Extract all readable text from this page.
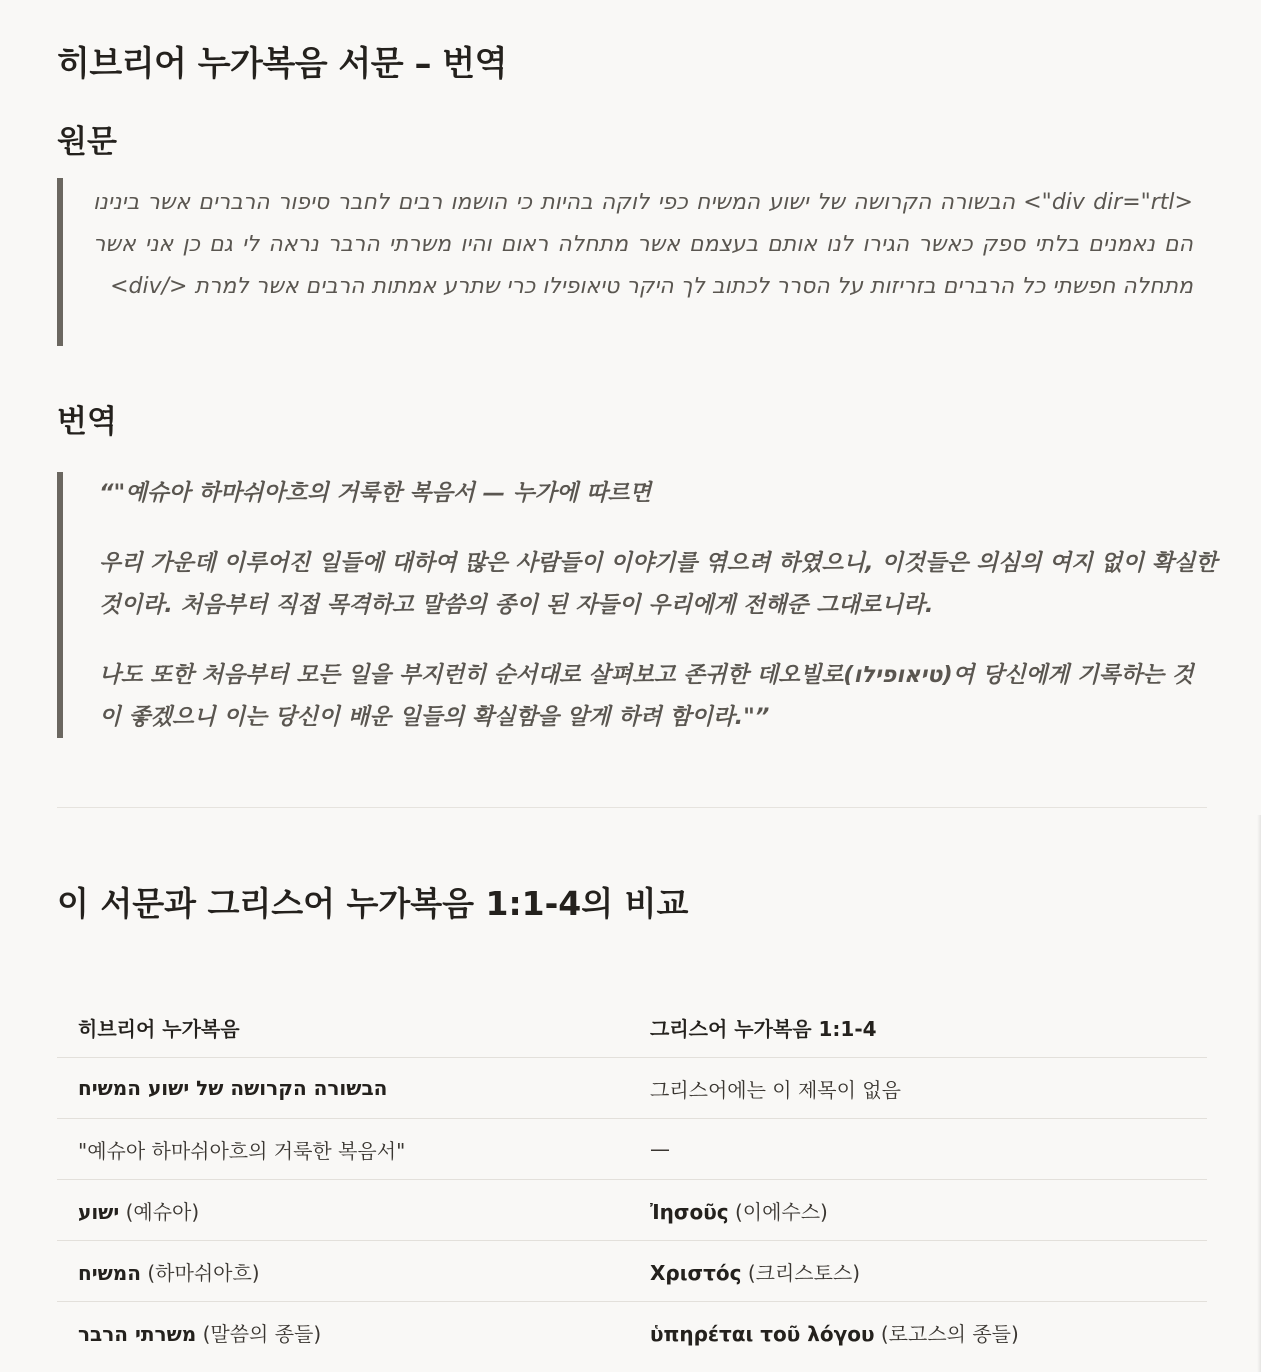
히브리어 누가복음 서문 – 번역
원문
<div dir="rtl"> הבשורה הקרושה של ישוע המשיח כפי לוקה בהיות כי הושמו רבים לחבר סיפור הרברים אשר בינינו הם נאמנים בלתי ספק כאשר הגירו לנו אותם בעצמם אשר מתחלה ראום והיו משרתי הרבר נראה לי גם כן אני אשר מתחלה חפשתי כל הרברים בזריזות על הסרר לכתוב לך היקר טיאופילו כרי שתרע אמתות הרבים אשר למרת </div>
번역

“"예슈아 하마쉬아흐의 거룩한 복음서 — 누가에 따르면

우리 가운데 이루어진 일들에 대하여 많은 사람들이 이야기를 엮으려 하였으니, 이것들은 의심의 여지 없이 확실한 것이라. 처음부터 직접 목격하고 말씀의 종이 된 자들이 우리에게 전해준 그대로니라.

나도 또한 처음부터 모든 일을 부지런히 순서대로 살펴보고 존귀한 데오빌로(טיאופילו)여 당신에게 기록하는 것이 좋겠으니 이는 당신이 배운 일들의 확실함을 알게 하려 함이라."”

이 서문과 그리스어 누가복음 1:1-4의 비교
히브리어 누가복음	그리스어 누가복음 1:1-4
הבשורה הקרושה של ישוע המשיח	그리스어에는 이 제목이 없음
"예슈아 하마쉬아흐의 거룩한 복음서"	—
ישוע (예슈아)	Ἰησοῦς (이에수스)
המשיח (하마쉬아흐)	Χριστός (크리스토스)
משרתי הרבר (말씀의 종들)	ὑπηρέται τοῦ λόγου (로고스의 종들)
